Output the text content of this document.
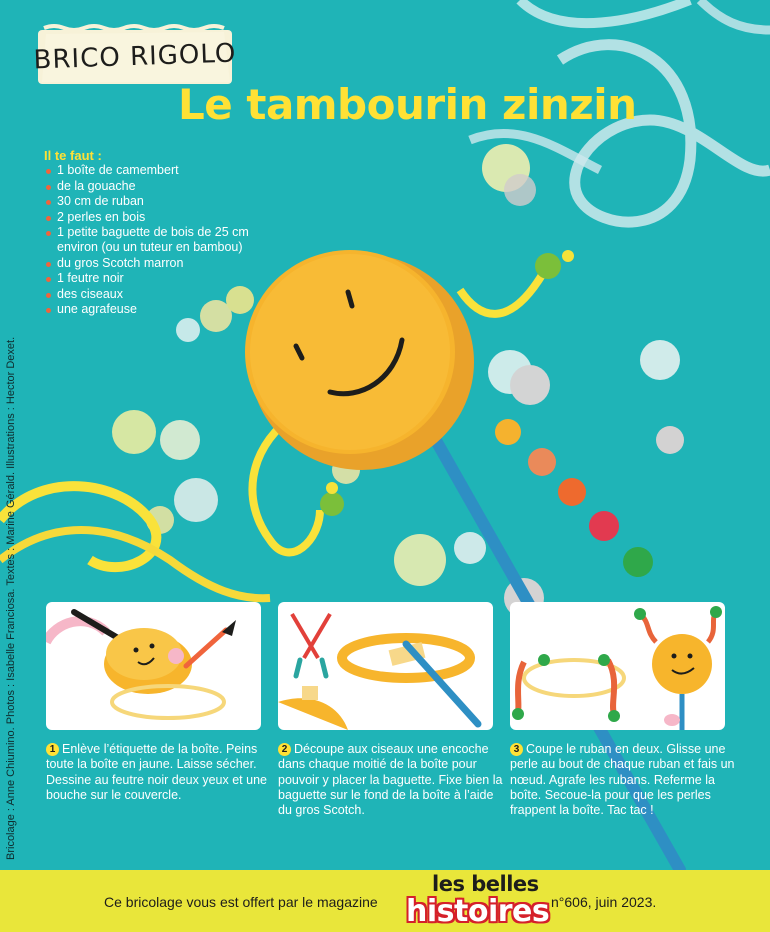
BRICO RIGOLO
Le tambourin zinzin
Il te faut :
1 boîte de camembert
de la gouache
30 cm de ruban
2 perles en bois
1 petite baguette de bois de 25 cm environ (ou un tuteur en bambou)
du gros Scotch marron
1 feutre noir
des ciseaux
une agrafeuse
Bricolage : Anne Chiumino. Photos : Isabelle Franciosa. Textes : Marine Gérald. Illustrations : Hector Dexet.	1 Enlève l’étiquette de la boîte. Peins toute la boîte en jaune. Laisse sécher. Dessine au feutre noir deux yeux et une bouche sur le couvercle.
2 Découpe aux ciseaux une encoche dans chaque moitié de la boîte pour pouvoir y placer la baguette. Fixe bien la baguette sur le fond de la boîte à l’aide du gros Scotch.
3 Coupe le ruban en deux. Glisse une perle au bout de chaque ruban et fais un nœud. Agrafe les rubans. Referme la boîte. Secoue-la pour que les perles frappent la boîte. Tac tac !
Ce bricolage vous est offert par le magazine
les belles
histoires n°606, juin 2023.
